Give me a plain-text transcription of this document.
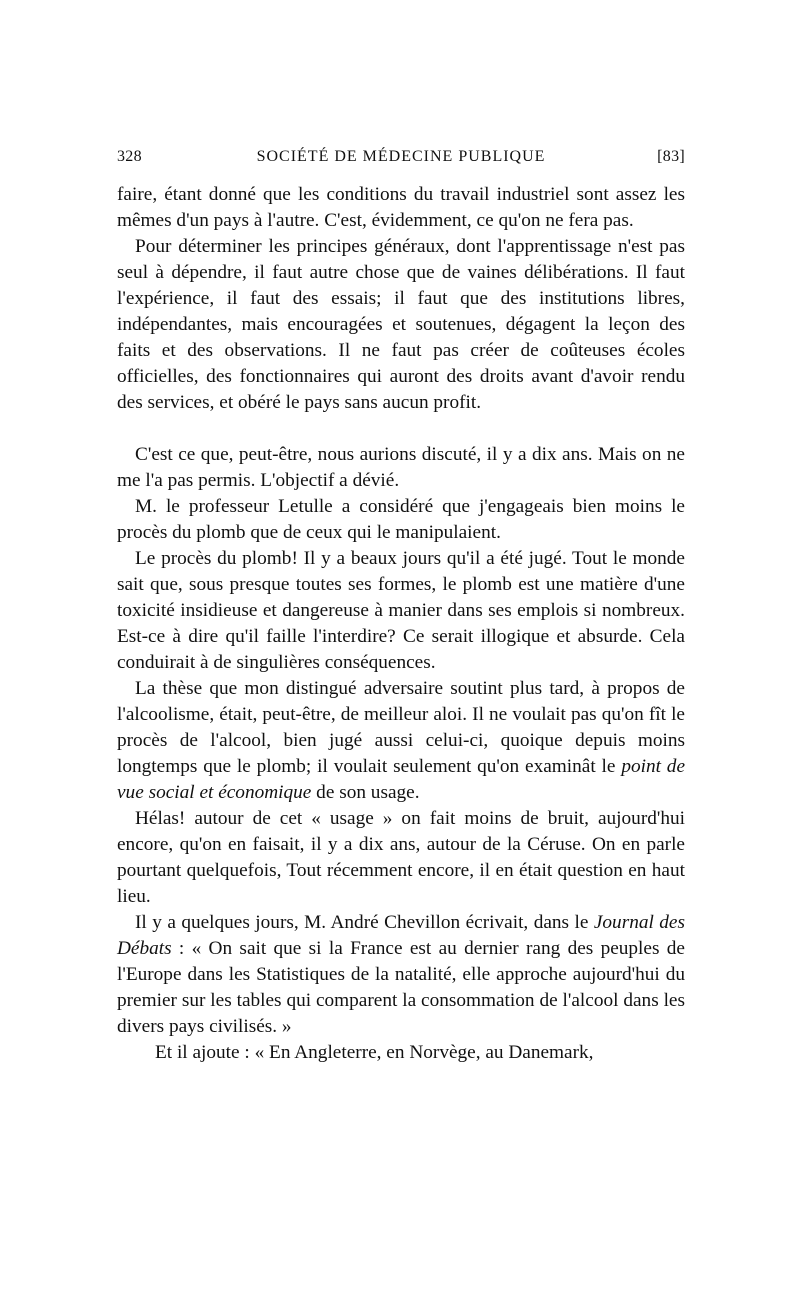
328	SOCIÉTÉ DE MÉDECINE PUBLIQUE	[83]

faire, étant donné que les conditions du travail industriel sont assez les mêmes d'un pays à l'autre. C'est, évidemment, ce qu'on ne fera pas.

Pour déterminer les principes généraux, dont l'apprentissage n'est pas seul à dépendre, il faut autre chose que de vaines délibérations. Il faut l'expérience, il faut des essais; il faut que des institutions libres, indépendantes, mais encouragées et soutenues, dégagent la leçon des faits et des observations. Il ne faut pas créer de coûteuses écoles officielles, des fonctionnaires qui auront des droits avant d'avoir rendu des services, et obéré le pays sans aucun profit.

C'est ce que, peut-être, nous aurions discuté, il y a dix ans. Mais on ne me l'a pas permis. L'objectif a dévié.

M. le professeur Letulle a considéré que j'engageais bien moins le procès du plomb que de ceux qui le manipulaient.

Le procès du plomb! Il y a beaux jours qu'il a été jugé. Tout le monde sait que, sous presque toutes ses formes, le plomb est une matière d'une toxicité insidieuse et dangereuse à manier dans ses emplois si nombreux. Est-ce à dire qu'il faille l'interdire? Ce serait illogique et absurde. Cela conduirait à de singulières conséquences.

La thèse que mon distingué adversaire soutint plus tard, à propos de l'alcoolisme, était, peut-être, de meilleur aloi. Il ne voulait pas qu'on fît le procès de l'alcool, bien jugé aussi celui-ci, quoique depuis moins longtemps que le plomb; il voulait seulement qu'on examinât le point de vue social et économique de son usage.

Hélas! autour de cet « usage » on fait moins de bruit, aujourd'hui encore, qu'on en faisait, il y a dix ans, autour de la Céruse. On en parle pourtant quelquefois, Tout récemment encore, il en était question en haut lieu.

Il y a quelques jours, M. André Chevillon écrivait, dans le Journal des Débats : « On sait que si la France est au dernier rang des peuples de l'Europe dans les Statistiques de la natalité, elle approche aujourd'hui du premier sur les tables qui comparent la consommation de l'alcool dans les divers pays civilisés. »

Et il ajoute : « En Angleterre, en Norvège, au Danemark,
